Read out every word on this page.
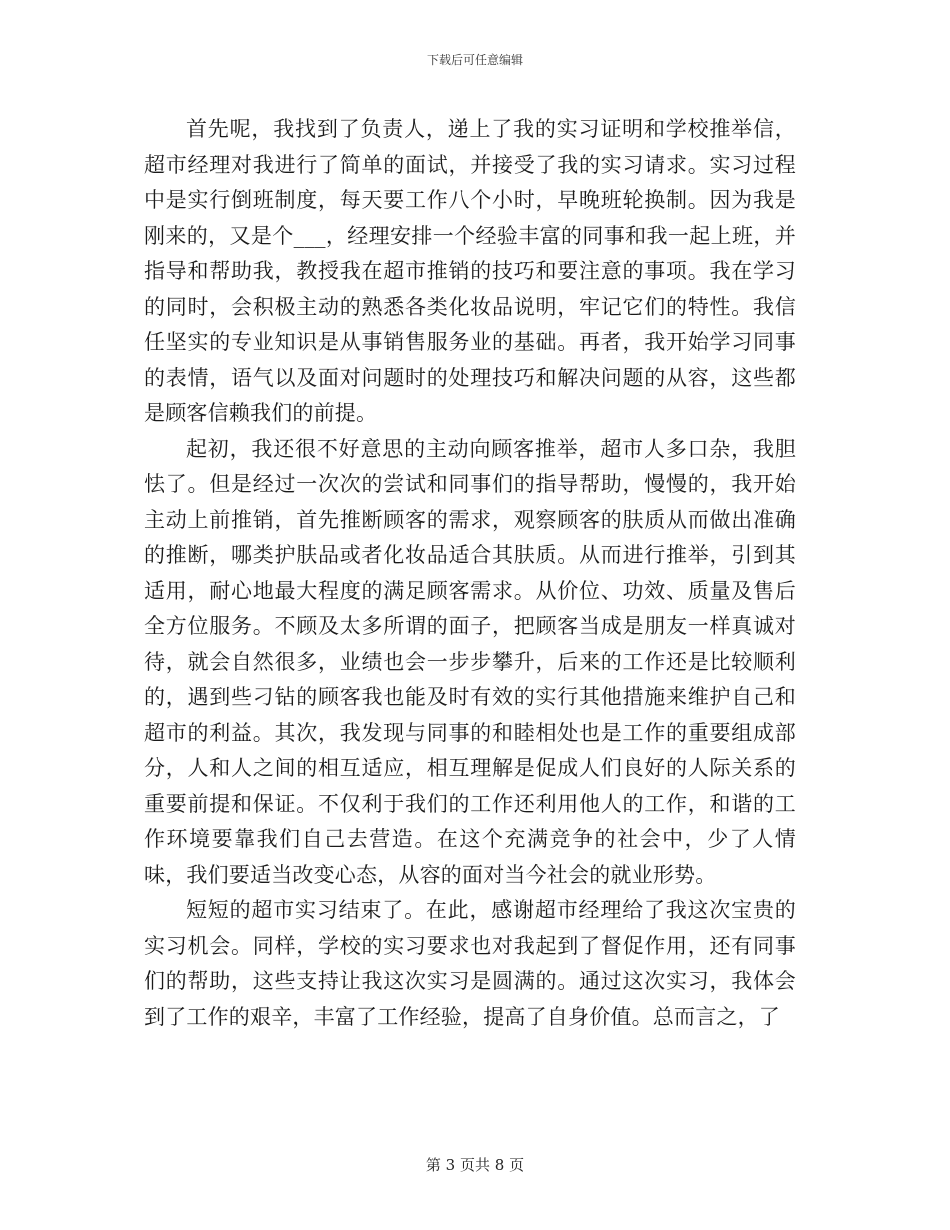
下载后可任意编辑

首先呢，我找到了负责人，递上了我的实习证明和学校推举信，超市经理对我进行了简单的面试，并接受了我的实习请求。实习过程中是实行倒班制度，每天要工作八个小时，早晚班轮换制。因为我是刚来的，又是个___，经理安排一个经验丰富的同事和我一起上班，并指导和帮助我，教授我在超市推销的技巧和要注意的事项。我在学习的同时，会积极主动的熟悉各类化妆品说明，牢记它们的特性。我信任坚实的专业知识是从事销售服务业的基础。再者，我开始学习同事的表情，语气以及面对问题时的处理技巧和解决问题的从容，这些都是顾客信赖我们的前提。

起初，我还很不好意思的主动向顾客推举，超市人多口杂，我胆怯了。但是经过一次次的尝试和同事们的指导帮助，慢慢的，我开始主动上前推销，首先推断顾客的需求，观察顾客的肤质从而做出准确的推断，哪类护肤品或者化妆品适合其肤质。从而进行推举，引到其适用，耐心地最大程度的满足顾客需求。从价位、功效、质量及售后全方位服务。不顾及太多所谓的面子，把顾客当成是朋友一样真诚对待，就会自然很多，业绩也会一步步攀升，后来的工作还是比较顺利的，遇到些刁钻的顾客我也能及时有效的实行其他措施来维护自己和超市的利益。其次，我发现与同事的和睦相处也是工作的重要组成部分，人和人之间的相互适应，相互理解是促成人们良好的人际关系的重要前提和保证。不仅利于我们的工作还利用他人的工作，和谐的工作环境要靠我们自己去营造。在这个充满竞争的社会中，少了人情味，我们要适当改变心态，从容的面对当今社会的就业形势。

短短的超市实习结束了。在此，感谢超市经理给了我这次宝贵的实习机会。同样，学校的实习要求也对我起到了督促作用，还有同事们的帮助，这些支持让我这次实习是圆满的。通过这次实习，我体会到了工作的艰辛，丰富了工作经验，提高了自身价值。总而言之，了

第 3 页共 8 页
